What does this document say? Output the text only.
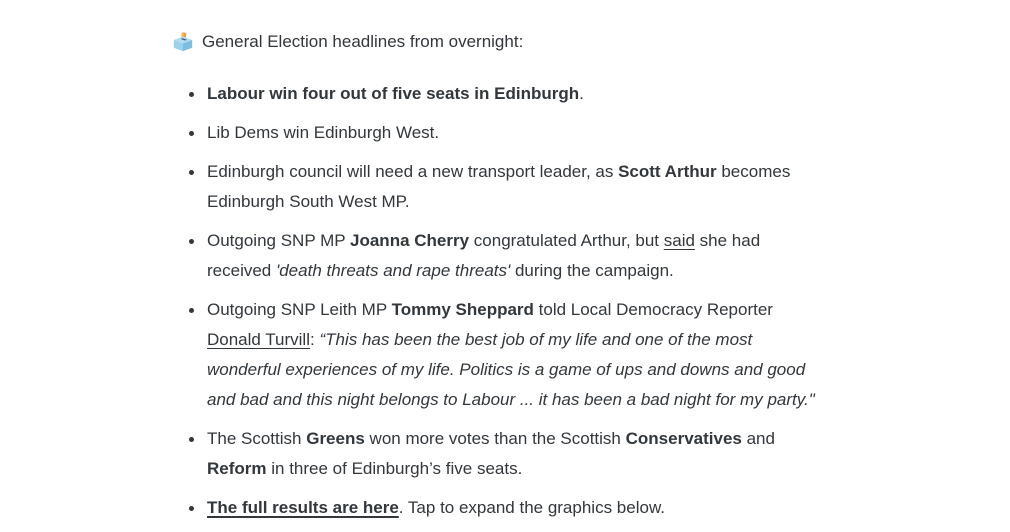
General Election headlines from overnight:
Labour win four out of five seats in Edinburgh.
Lib Dems win Edinburgh West.
Edinburgh council will need a new transport leader, as Scott Arthur becomes
Edinburgh South West MP.
Outgoing SNP MP Joanna Cherry congratulated Arthur, but said she had
received 'death threats and rape threats' during the campaign.
Outgoing SNP Leith MP Tommy Sheppard told Local Democracy Reporter
Donald Turvill: “This has been the best job of my life and one of the most
wonderful experiences of my life. Politics is a game of ups and downs and good
and bad and this night belongs to Labour ... it has been a bad night for my party."
The Scottish Greens won more votes than the Scottish Conservatives and
Reform in three of Edinburgh’s five seats.
The full results are here. Tap to expand the graphics below.
